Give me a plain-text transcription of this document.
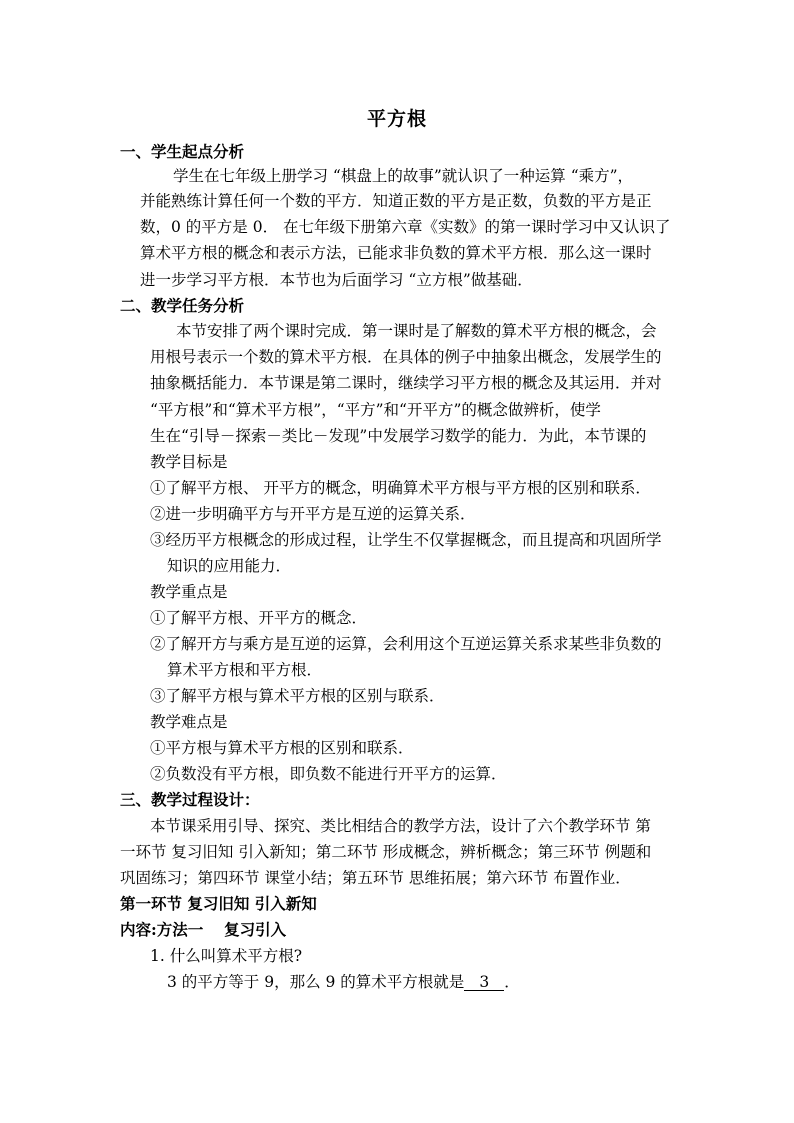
平方根
一、学生起点分析
学生在七年级上册学习 “棋盘上的故事”就认识了一种运算 “乘方”，
并能熟练计算任何一个数的平方．知道正数的平方是正数，负数的平方是正
数，0 的平方是 0． 在七年级下册第六章《实数》的第一课时学习中又认识了
算术平方根的概念和表示方法，已能求非负数的算术平方根．那么这一课时
进一步学习平方根．本节也为后面学习 “立方根”做基础．
二、教学任务分析
本节安排了两个课时完成．第一课时是了解数的算术平方根的概念，会
用根号表示一个数的算术平方根．在具体的例子中抽象出概念，发展学生的
抽象概括能力．本节课是第二课时，继续学习平方根的概念及其运用．并对
“平方根”和“算术平方根”，“平方”和“开平方”的概念做辨析，使学
生在“引导－探索－类比－发现”中发展学习数学的能力．为此，本节课的
教学目标是
①了解平方根、 开平方的概念，明确算术平方根与平方根的区别和联系．
②进一步明确平方与开平方是互逆的运算关系．
③经历平方根概念的形成过程，让学生不仅掌握概念，而且提高和巩固所学
知识的应用能力．
教学重点是
①了解平方根、开平方的概念．
②了解开方与乘方是互逆的运算，会利用这个互逆运算关系求某些非负数的
算术平方根和平方根．
③了解平方根与算术平方根的区别与联系．
教学难点是
①平方根与算术平方根的区别和联系．
②负数没有平方根，即负数不能进行开平方的运算．
三、教学过程设计：
本节课采用引导、探究、类比相结合的教学方法，设计了六个教学环节 第
一环节 复习旧知 引入新知；第二环节 形成概念，辨析概念；第三环节 例题和
巩固练习；第四环节 课堂小结；第五环节 思维拓展；第六环节 布置作业．
第一环节 复习旧知 引入新知
内容:方法一　 复习引入
1. 什么叫算术平方根?
3 的平方等于 9，那么 9 的算术平方根就是 3 ．
